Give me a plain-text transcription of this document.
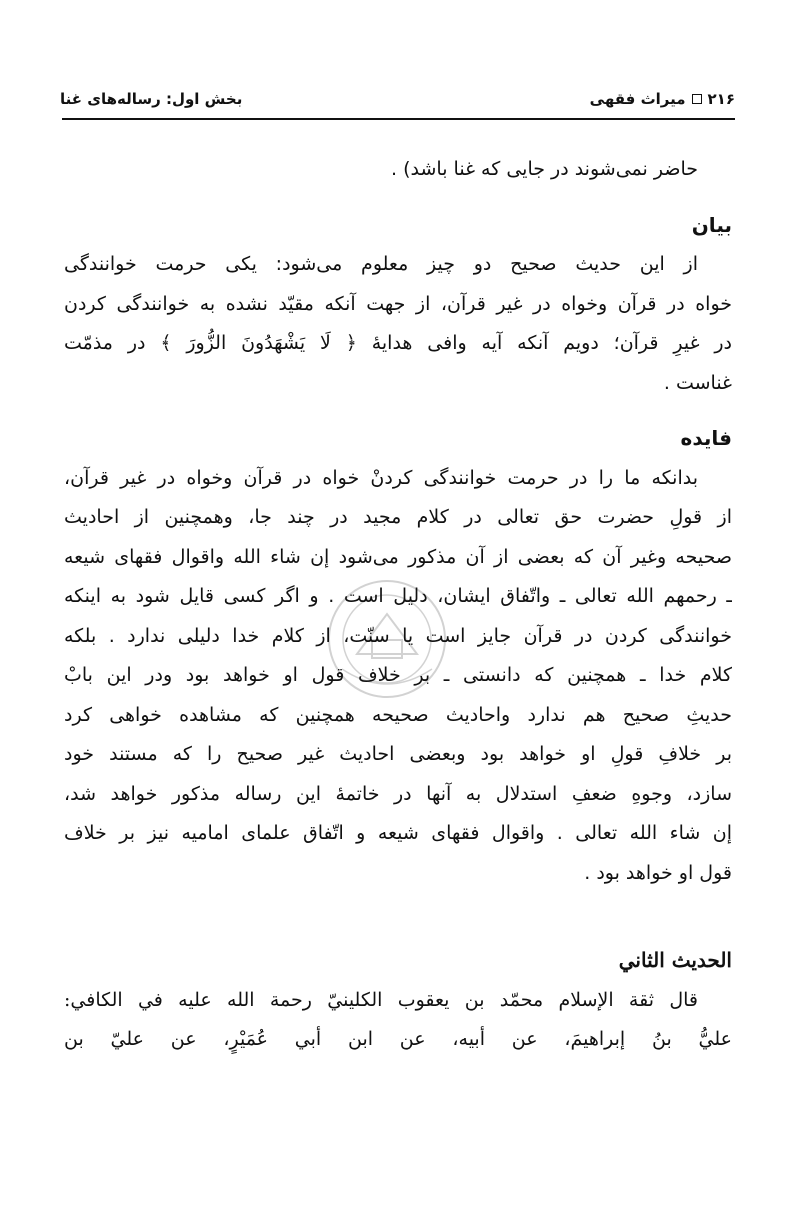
۲۱۶
میراث فقهی
بخش اول: رساله‌های غنا
حاضر نمی‌شوند در جایی که غنا باشد) .
بیان
از این حدیث صحیح دو چیز معلوم می‌شود: یکی حرمت خوانندگی
خواه در قرآن وخواه در غیر قرآن، از جهت آنکه مقیّد نشده به خوانندگی کردن
در غیرِ قرآن؛ دویم آنکه آیه وافی هدایهٔ ﴿ لَا يَشْهَدُونَ الزُّورَ ﴾ در مذمّت
غناست .
فایده
بدانکه ما را در حرمت خوانندگی کردنْ خواه در قرآن وخواه در غیر قرآن،
از قولِ حضرت حق تعالی در کلام مجید در چند جا، وهمچنین از احادیث
صحیحه وغیر آن که بعضی از آن مذکور می‌شود إن شاء الله واقوال فقهای شیعه
ـ رحمهم الله تعالی ـ واتّفاق ایشان، دلیل است . و اگر کسی قایل شود به اینکه
خوانندگی کردن در قرآن جایز است یا سنّت، از کلام خدا دلیلی ندارد . بلکه
کلام خدا ـ همچنین که دانستی ـ بر خلاف قول او خواهد بود ودر این بابْ
حدیثِ صحیح هم ندارد واحادیث صحیحه همچنین که مشاهده خواهی کرد
بر خلافِ قولِ او خواهد بود وبعضی احادیث غیر صحیح را که مستند خود
سازد، وجوهِ ضعفِ استدلال به آنها در خاتمهٔ این رساله مذکور خواهد شد،
إن شاء الله تعالی . واقوال فقهای شیعه و اتّفاق علمای امامیه‌ نیز بر خلاف
قول او خواهد بود .
الحديث الثاني
قال ثقة الإسلام محمّد بن يعقوب الكلينيّ رحمة الله عليه في الكافي:
عليُّ بنُ إبراهيمَ، عن أبيه، عن ابن أبي عُمَيْرٍ، عن عليّ بن
